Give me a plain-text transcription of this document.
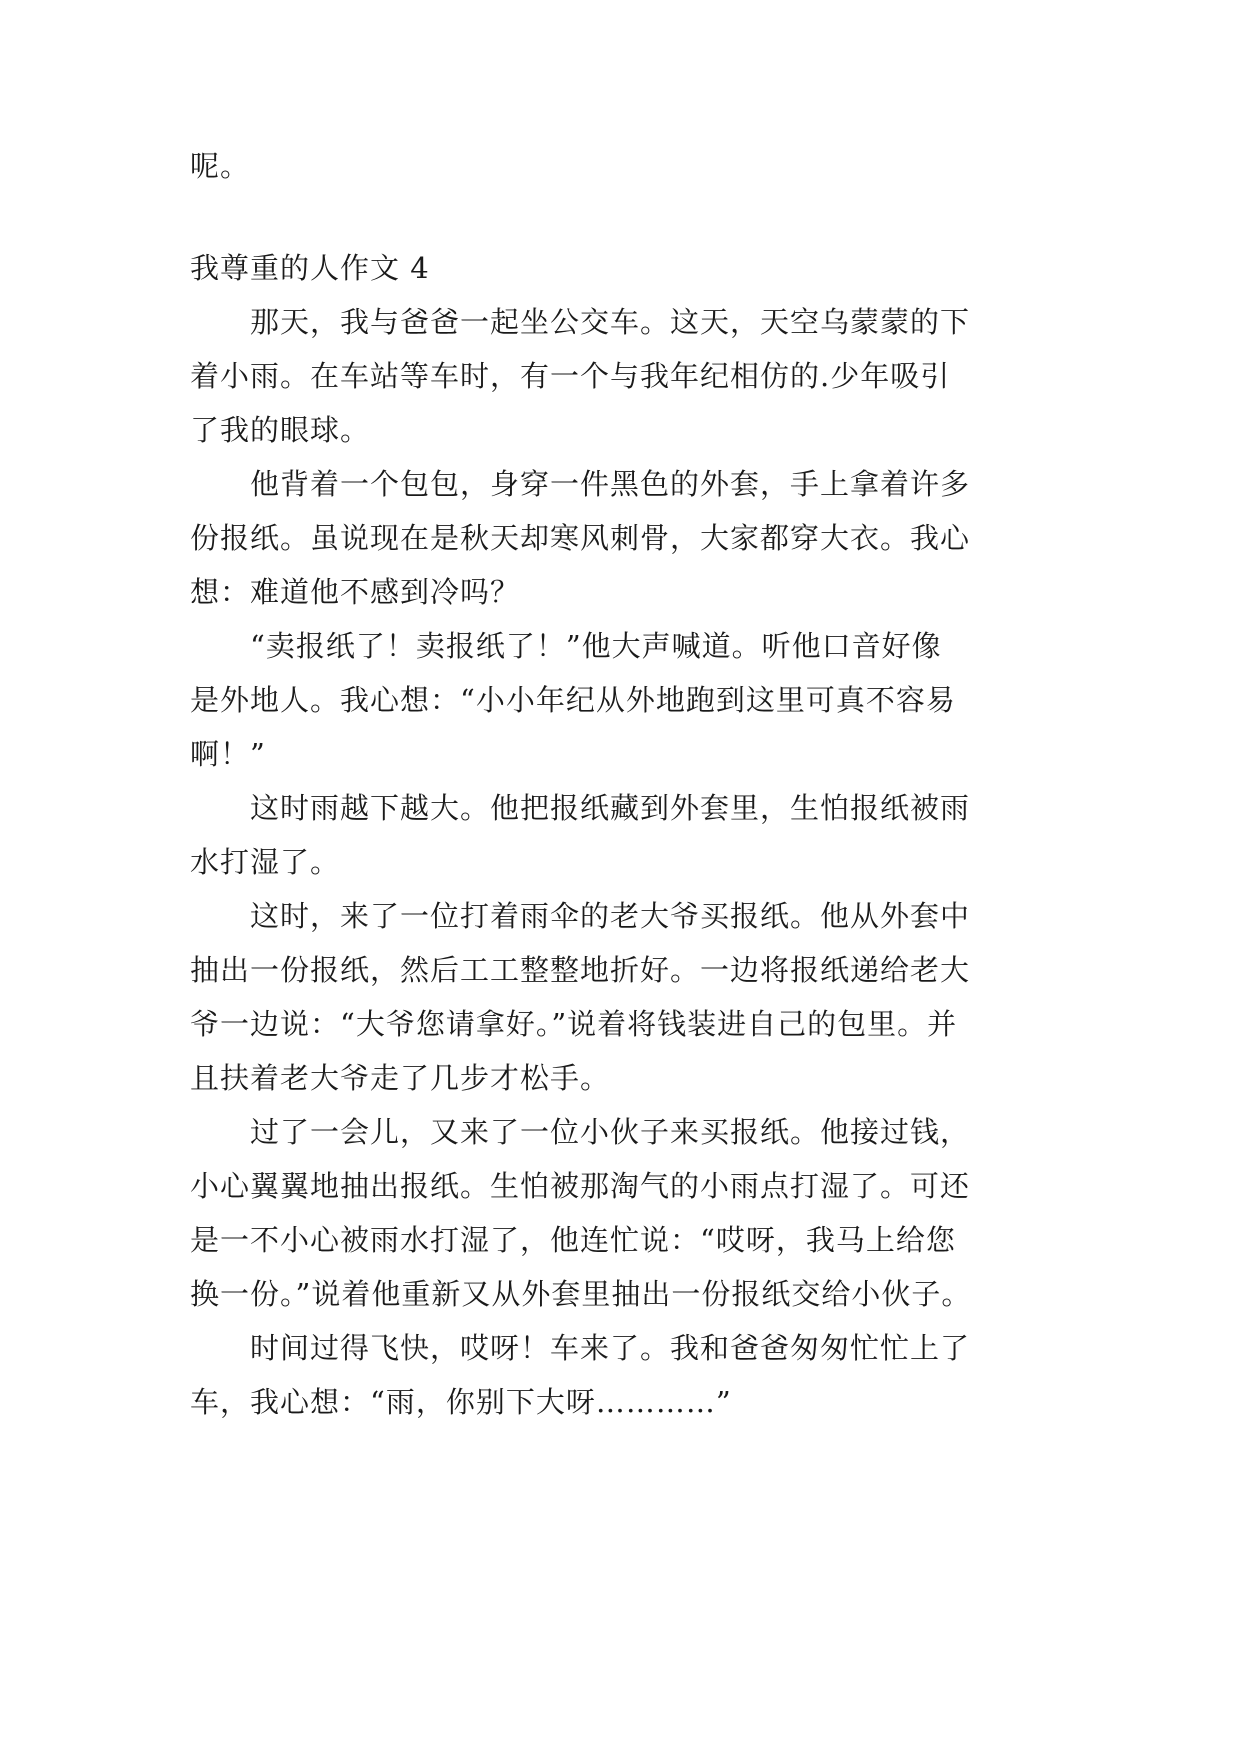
呢。
我尊重的人作文 4
　　那天，我与爸爸一起坐公交车。这天，天空乌蒙蒙的下
着小雨。在车站等车时，有一个与我年纪相仿的.少年吸引
了我的眼球。
　　他背着一个包包，身穿一件黑色的外套，手上拿着许多
份报纸。虽说现在是秋天却寒风刺骨，大家都穿大衣。我心
想：难道他不感到冷吗？
　　“卖报纸了！卖报纸了！”他大声喊道。听他口音好像
是外地人。我心想：“小小年纪从外地跑到这里可真不容易
啊！”
　　这时雨越下越大。他把报纸藏到外套里，生怕报纸被雨
水打湿了。
　　这时，来了一位打着雨伞的老大爷买报纸。他从外套中
抽出一份报纸，然后工工整整地折好。一边将报纸递给老大
爷一边说：“大爷您请拿好。”说着将钱装进自己的包里。并
且扶着老大爷走了几步才松手。
　　过了一会儿，又来了一位小伙子来买报纸。他接过钱，
小心翼翼地抽出报纸。生怕被那淘气的小雨点打湿了。可还
是一不小心被雨水打湿了，他连忙说：“哎呀，我马上给您
换一份。”说着他重新又从外套里抽出一份报纸交给小伙子。
　　时间过得飞快，哎呀！车来了。我和爸爸匆匆忙忙上了
车，我心想：“雨，你别下大呀…………”
